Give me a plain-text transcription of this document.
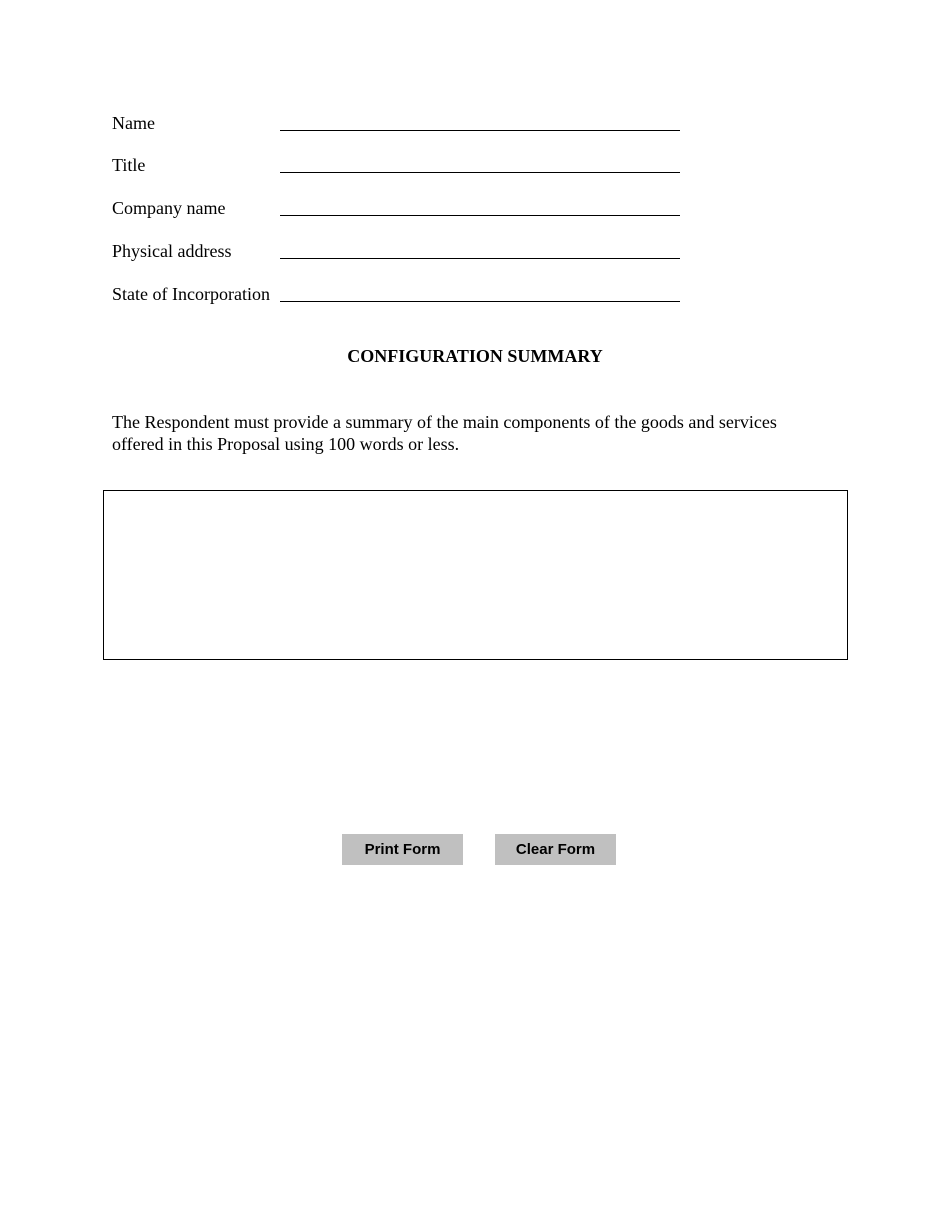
Name
Title
Company name
Physical address
State of Incorporation
CONFIGURATION SUMMARY
The Respondent must provide a summary of the main components of the goods and services offered in this Proposal using 100 words or less.
Print Form	Clear Form
